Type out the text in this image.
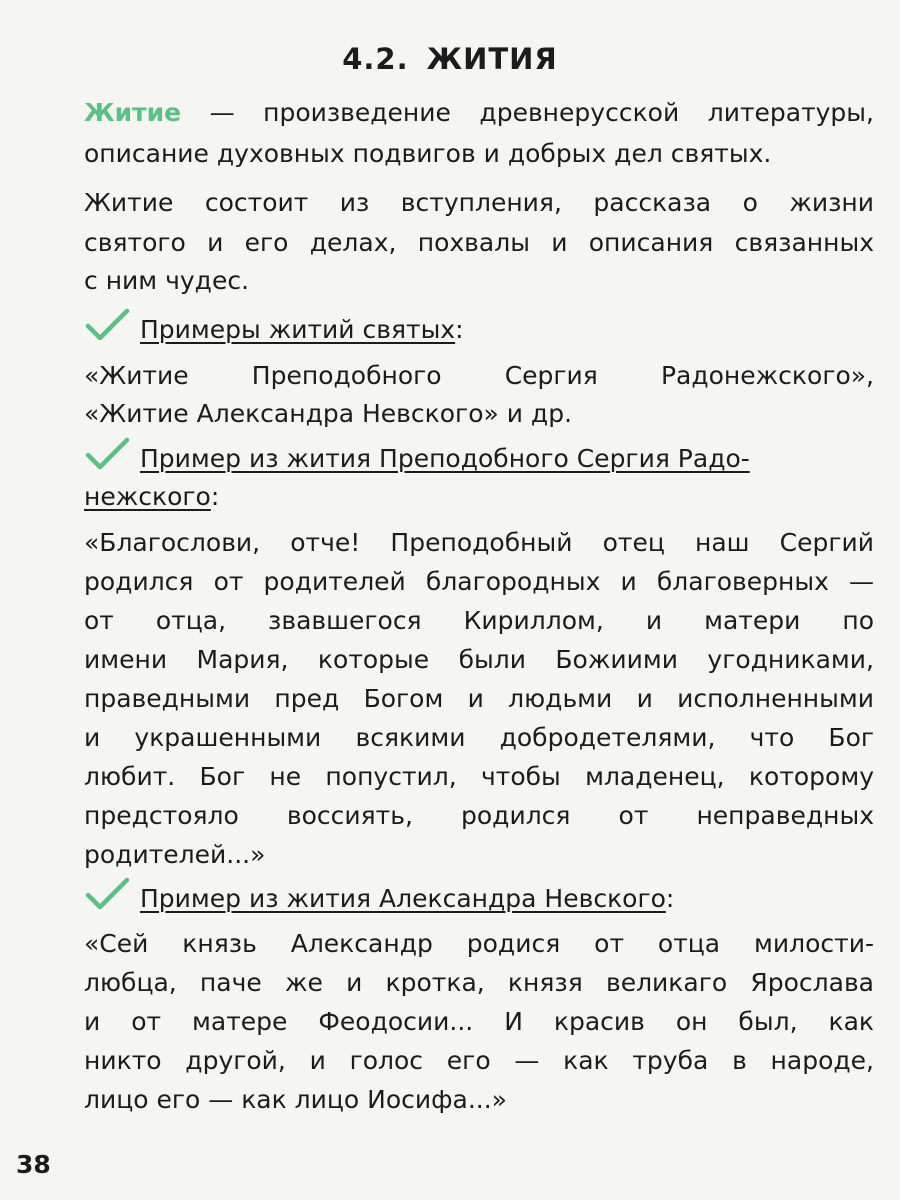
4.2. ЖИТИЯ
Житие — произведение древнерусской литературы,
описание духовных подвигов и добрых дел святых.
Житие состоит из вступления, рассказа о жизни
святого и его делах, похвалы и описания связанных
с ним чудес.
Примеры житий святых:
«Житие Преподобного Сергия Радонежского»,
«Житие Александра Невского» и др.
Пример из жития Преподобного Сергия Радо-
нежского:
«Благослови, отче! Преподобный отец наш Сергий
родился от родителей благородных и благоверных —
от отца, звавшегося Кириллом, и матери по
имени Мария, которые были Божиими угодниками,
праведными пред Богом и людьми и исполненными
и украшенными всякими добродетелями, что Бог
любит. Бог не попустил, чтобы младенец, которому
предстояло воссиять, родился от неправедных
родителей...»
Пример из жития Александра Невского:
«Сей князь Александр родися от отца милости-
любца, паче же и кротка, князя великаго Ярослава
и от матере Феодосии... И красив он был, как
никто другой, и голос его — как труба в народе,
лицо его — как лицо Иосифа...»
38
